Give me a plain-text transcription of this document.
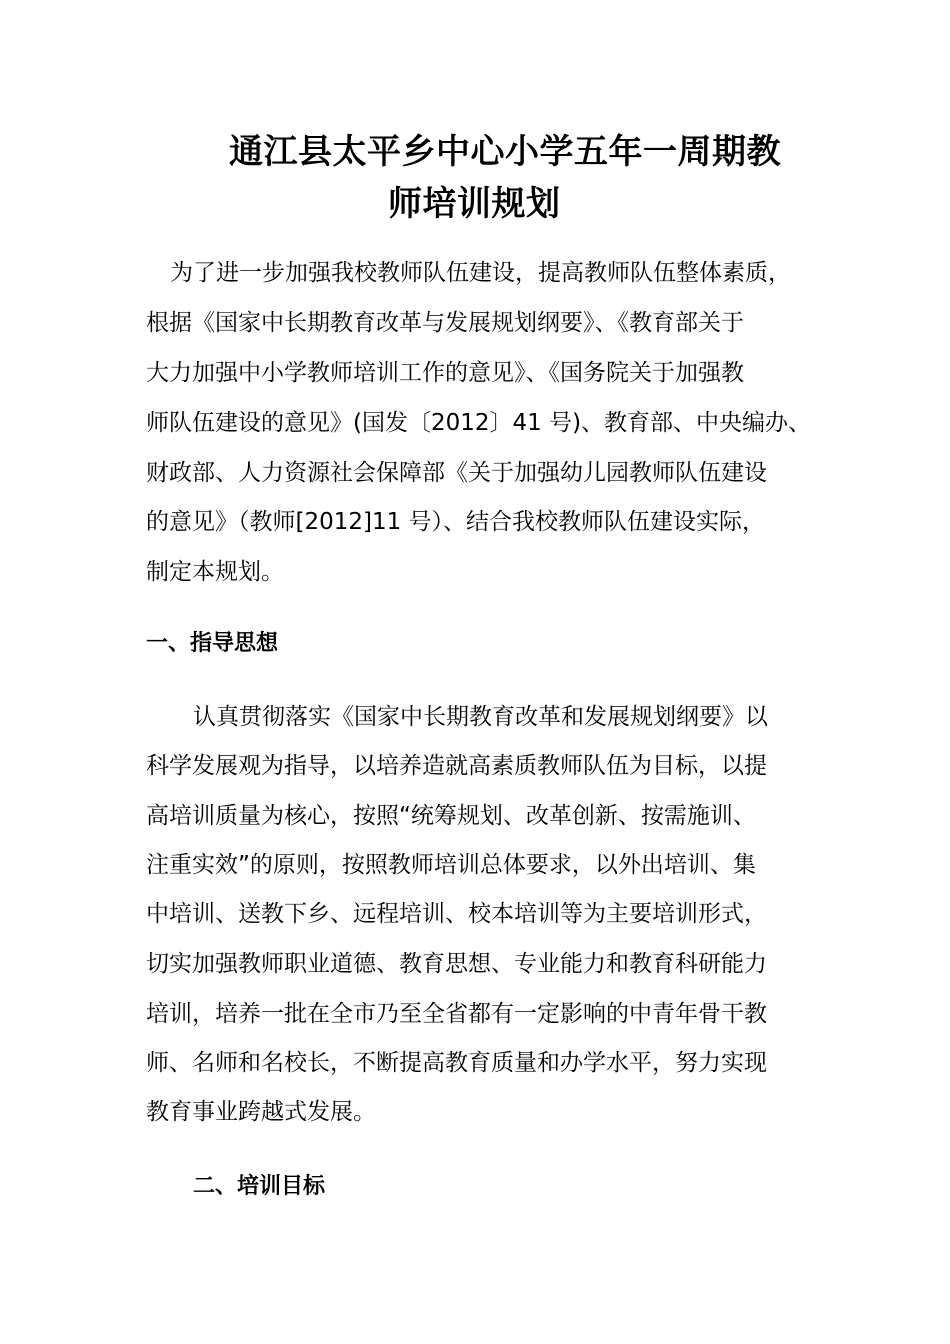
通江县太平乡中心小学五年一周期教
师培训规划
为了进一步加强我校教师队伍建设，提高教师队伍整体素质，
根据《国家中长期教育改革与发展规划纲要》、《教育部关于
大力加强中小学教师培训工作的意见》、《国务院关于加强教
师队伍建设的意见》(国发〔2012〕41 号)、教育部、中央编办、
财政部、人力资源社会保障部《关于加强幼儿园教师队伍建设
的意见》（教师[2012]11 号）、结合我校教师队伍建设实际，
制定本规划。
一、指导思想
认真贯彻落实《国家中长期教育改革和发展规划纲要》以
科学发展观为指导，以培养造就高素质教师队伍为目标，以提
高培训质量为核心，按照“统筹规划、改革创新、按需施训、
注重实效”的原则，按照教师培训总体要求，以外出培训、集
中培训、送教下乡、远程培训、校本培训等为主要培训形式，
切实加强教师职业道德、教育思想、专业能力和教育科研能力
培训，培养一批在全市乃至全省都有一定影响的中青年骨干教
师、名师和名校长，不断提高教育质量和办学水平，努力实现
教育事业跨越式发展。
二、培训目标
